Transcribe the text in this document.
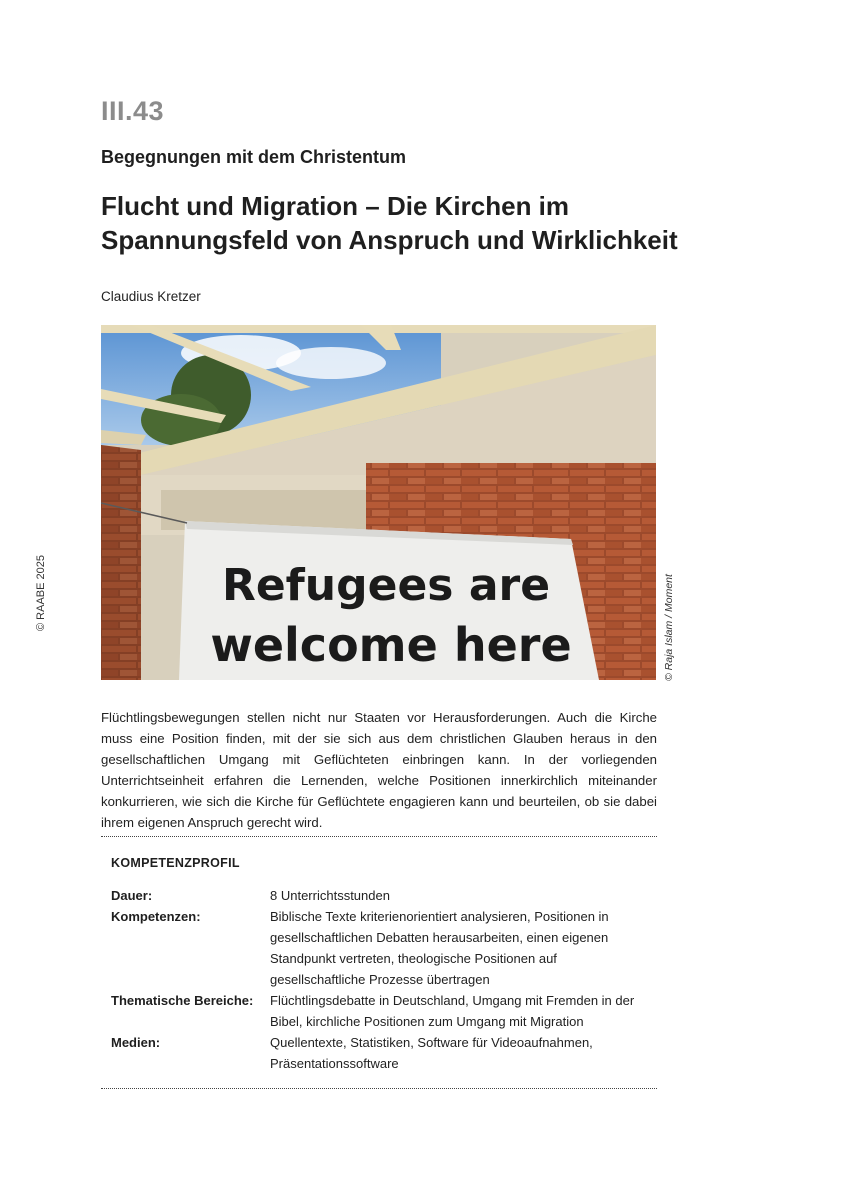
III.43
Begegnungen mit dem Christentum
Flucht und Migration – Die Kirchen im
Spannungsfeld von Anspruch und Wirklichkeit
Claudius Kretzer
© RAABE 2025	© Raja Islam / Moment
Refugees are
welcome here
Flüchtlingsbewegungen stellen nicht nur Staaten vor Herausforderungen. Auch die Kirche muss eine Position finden, mit der sie sich aus dem christlichen Glauben heraus in den gesellschaftlichen Umgang mit Geflüchteten einbringen kann. In der vorliegenden Unterrichtseinheit erfahren die Lernenden, welche Positionen innerkirchlich miteinander konkurrieren, wie sich die Kirche für Geflüchtete engagieren kann und beurteilen, ob sie dabei ihrem eigenen Anspruch gerecht wird.
KOMPETENZPROFIL
Dauer:	8 Unterrichtsstunden
Kompetenzen:	Biblische Texte kriterienorientiert analysieren, Positionen in gesellschaftlichen Debatten herausarbeiten, einen eigenen Standpunkt vertreten, theologische Positionen auf gesellschaftliche Prozesse übertragen
Thematische Bereiche: Flüchtlingsdebatte in Deutschland, Umgang mit Fremden in der Bibel, kirchliche Positionen zum Umgang mit Migration
Medien:	Quellentexte, Statistiken, Software für Videoaufnahmen, Präsentationssoftware
